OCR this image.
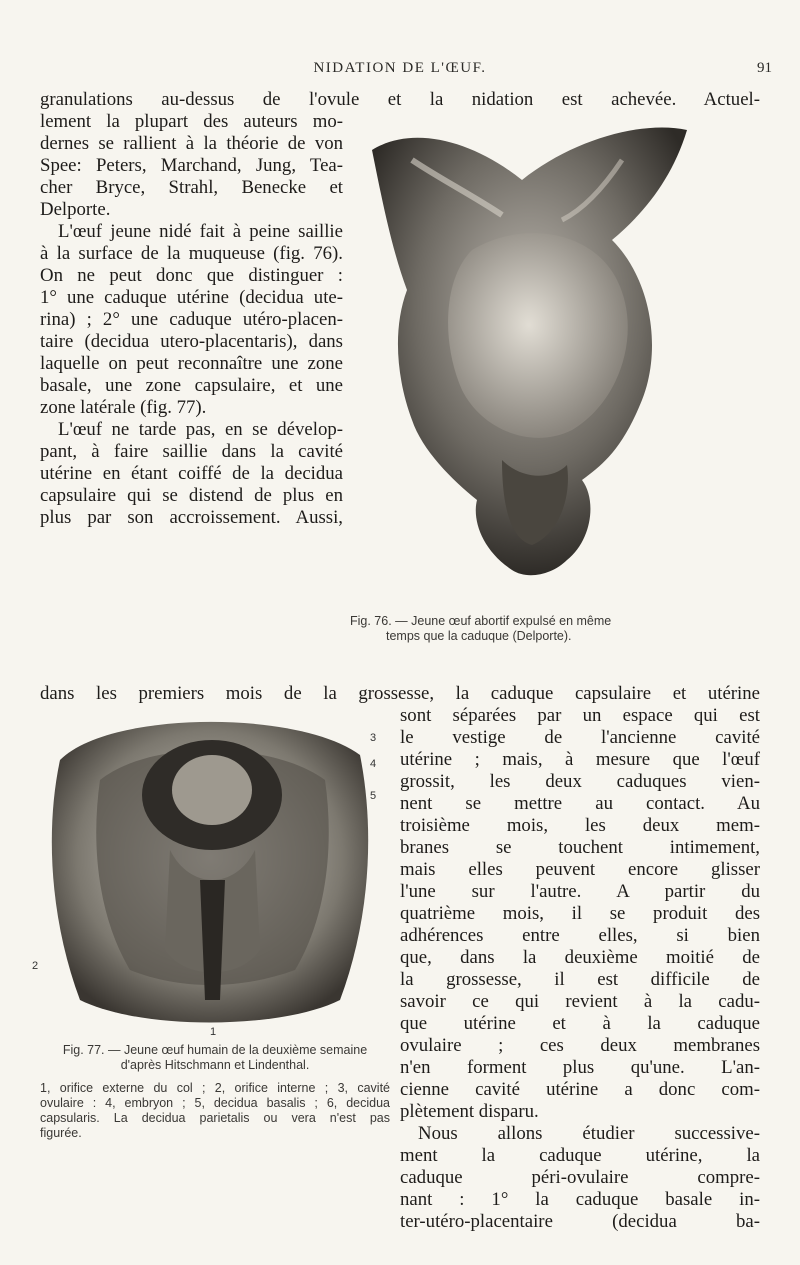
NIDATION DE L'ŒUF.	91
granulations au-dessus de l'ovule et la nidation est achevée. Actuel-
lement la plupart des auteurs mo-
dernes se rallient à la théorie de von
Spee: Peters, Marchand, Jung, Tea-
cher Bryce, Strahl, Benecke et
Delporte.
L'œuf jeune nidé fait à peine saillie
à la surface de la muqueuse (fig. 76).
On ne peut donc que distinguer :
1° une caduque utérine (decidua ute-
rina) ; 2° une caduque utéro-placen-
taire (decidua utero-placentaris), dans
laquelle on peut reconnaître une zone
basale, une zone capsulaire, et une
zone latérale (fig. 77).
L'œuf ne tarde pas, en se dévelop-
pant, à faire saillie dans la cavité
utérine en étant coiffé de la decidua
capsulaire qui se distend de plus en
plus par son accroissement. Aussi,
Fig. 76. — Jeune œuf abortif expulsé en même
temps que la caduque (Delporte).
dans les premiers mois de la grossesse, la caduque capsulaire et utérine
3
4
5
2
1
Fig. 77. — Jeune œuf humain de la deuxième semaine
d'après Hitschmann et Lindenthal.
1, orifice externe du col ; 2, orifice interne ; 3, cavité
ovulaire : 4, embryon ; 5, decidua basalis ; 6, decidua
capsularis. La decidua parietalis ou vera n'est pas
figurée.
sont séparées par un espace qui est
le vestige de l'ancienne cavité
utérine ; mais, à mesure que l'œuf
grossit, les deux caduques vien-
nent se mettre au contact. Au
troisième mois, les deux mem-
branes se touchent intimement,
mais elles peuvent encore glisser
l'une sur l'autre. A partir du
quatrième mois, il se produit des
adhérences entre elles, si bien
que, dans la deuxième moitié de
la grossesse, il est difficile de
savoir ce qui revient à la cadu-
que utérine et à la caduque
ovulaire ; ces deux membranes
n'en forment plus qu'une. L'an-
cienne cavité utérine a donc com-
plètement disparu.
Nous allons étudier successive-
ment la caduque utérine, la
caduque péri-ovulaire compre-
nant : 1° la caduque basale in-
ter-utéro-placentaire (decidua ba-
